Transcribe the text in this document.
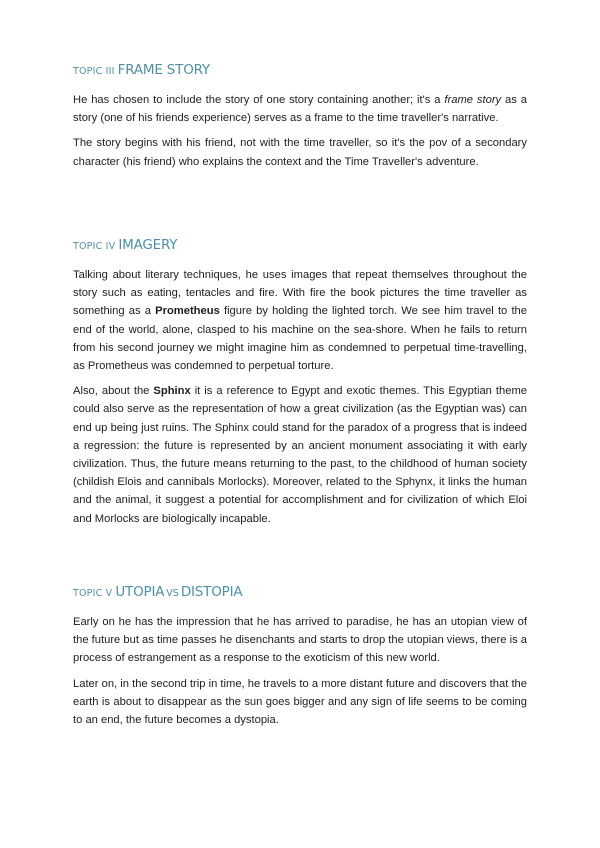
TOPIC III FRAME STORY

He has chosen to include the story of one story containing another; it's a frame story as a story (one of his friends experience) serves as a frame to the time traveller's narrative.

The story begins with his friend, not with the time traveller, so it's the pov of a secondary character (his friend) who explains the context and the Time Traveller's adventure.

TOPIC IV IMAGERY

Talking about literary techniques, he uses images that repeat themselves throughout the story such as eating, tentacles and fire. With fire the book pictures the time traveller as something as a Prometheus figure by holding the lighted torch. We see him travel to the end of the world, alone, clasped to his machine on the sea-shore. When he fails to return from his second journey we might imagine him as condemned to perpetual time-travelling, as Prometheus was condemned to perpetual torture.

Also, about the Sphinx it is a reference to Egypt and exotic themes. This Egyptian theme could also serve as the representation of how a great civilization (as the Egyptian was) can end up being just ruins. The Sphinx could stand for the paradox of a progress that is indeed a regression: the future is represented by an ancient monument associating it with early civilization. Thus, the future means returning to the past, to the childhood of human society (childish Elois and cannibals Morlocks). Moreover, related to the Sphynx, it links the human and the animal, it suggest a potential for accomplishment and for civilization of which Eloi and Morlocks are biologically incapable.

TOPIC V UTOPIA VS DISTOPIA

Early on he has the impression that he has arrived to paradise, he has an utopian view of the future but as time passes he disenchants and starts to drop the utopian views, there is a process of estrangement as a response to the exoticism of this new world.

Later on, in the second trip in time, he travels to a more distant future and discovers that the earth is about to disappear as the sun goes bigger and any sign of life seems to be coming to an end, the future becomes a dystopia.
